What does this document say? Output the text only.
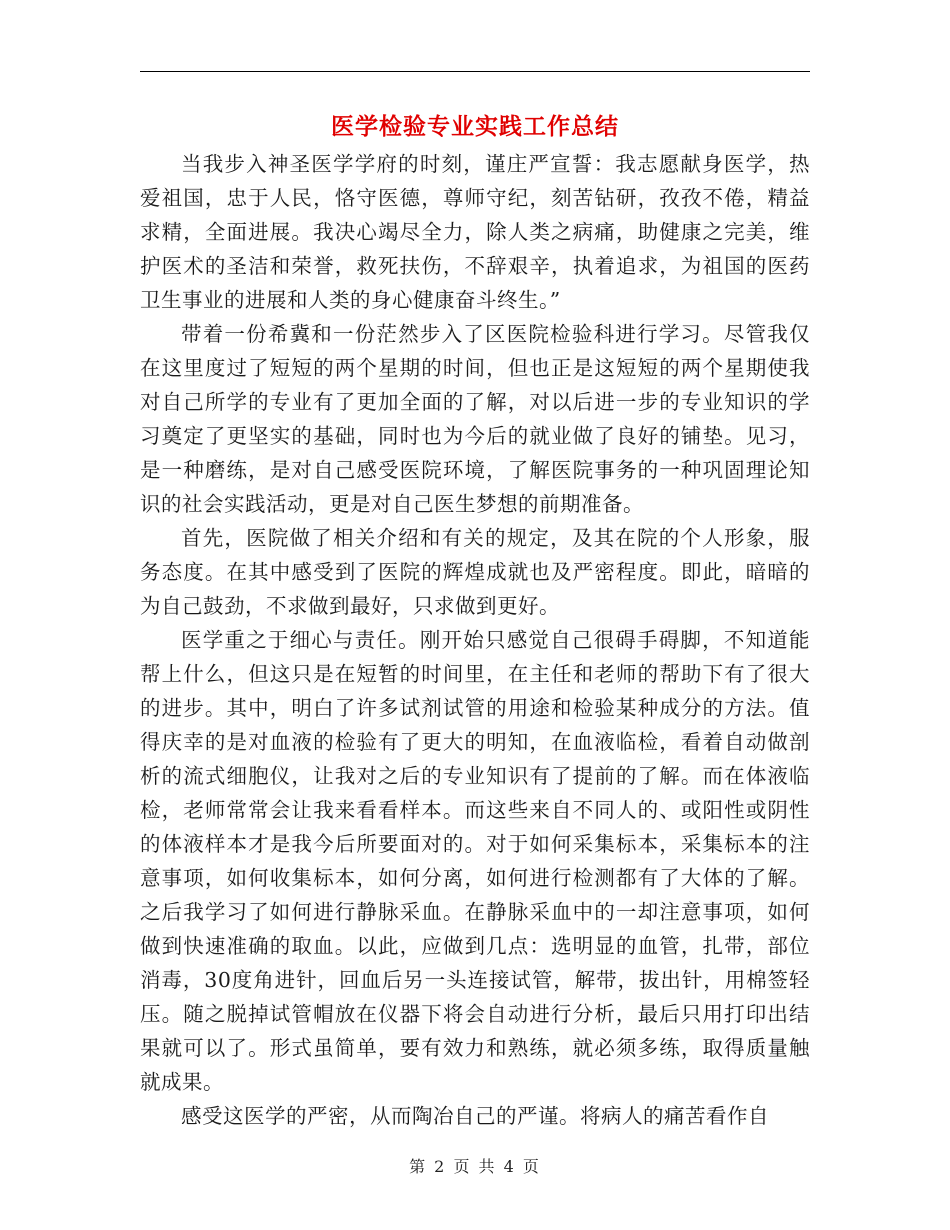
医学检验专业实践工作总结

当我步入神圣医学学府的时刻，谨庄严宣誓：我志愿献身医学，热爱祖国，忠于人民，恪守医德，尊师守纪，刻苦钻研，孜孜不倦，精益求精，全面进展。我决心竭尽全力，除人类之病痛，助健康之完美，维护医术的圣洁和荣誉，救死扶伤，不辞艰辛，执着追求，为祖国的医药卫生事业的进展和人类的身心健康奋斗终生。”

带着一份希冀和一份茫然步入了区医院检验科进行学习。尽管我仅在这里度过了短短的两个星期的时间，但也正是这短短的两个星期使我对自己所学的专业有了更加全面的了解，对以后进一步的专业知识的学习奠定了更坚实的基础，同时也为今后的就业做了良好的铺垫。见习，是一种磨练，是对自己感受医院环境，了解医院事务的一种巩固理论知识的社会实践活动，更是对自己医生梦想的前期准备。

首先，医院做了相关介绍和有关的规定，及其在院的个人形象，服务态度。在其中感受到了医院的辉煌成就也及严密程度。即此，暗暗的为自己鼓劲，不求做到最好，只求做到更好。

医学重之于细心与责任。刚开始只感觉自己很碍手碍脚，不知道能帮上什么，但这只是在短暂的时间里，在主任和老师的帮助下有了很大的进步。其中，明白了许多试剂试管的用途和检验某种成分的方法。值得庆幸的是对血液的检验有了更大的明知，在血液临检，看着自动做剖析的流式细胞仪，让我对之后的专业知识有了提前的了解。而在体液临检，老师常常会让我来看看样本。而这些来自不同人的、或阳性或阴性的体液样本才是我今后所要面对的。对于如何采集标本，采集标本的注意事项，如何收集标本，如何分离，如何进行检测都有了大体的了解。之后我学习了如何进行静脉采血。在静脉采血中的一却注意事项，如何做到快速准确的取血。以此，应做到几点：选明显的血管，扎带，部位消毒，30度角进针，回血后另一头连接试管，解带，拔出针，用棉签轻压。随之脱掉试管帽放在仪器下将会自动进行分析，最后只用打印出结果就可以了。形式虽简单，要有效力和熟练，就必须多练，取得质量触就成果。

感受这医学的严密，从而陶冶自己的严谨。将病人的痛苦看作自

第 2 页 共 4 页
